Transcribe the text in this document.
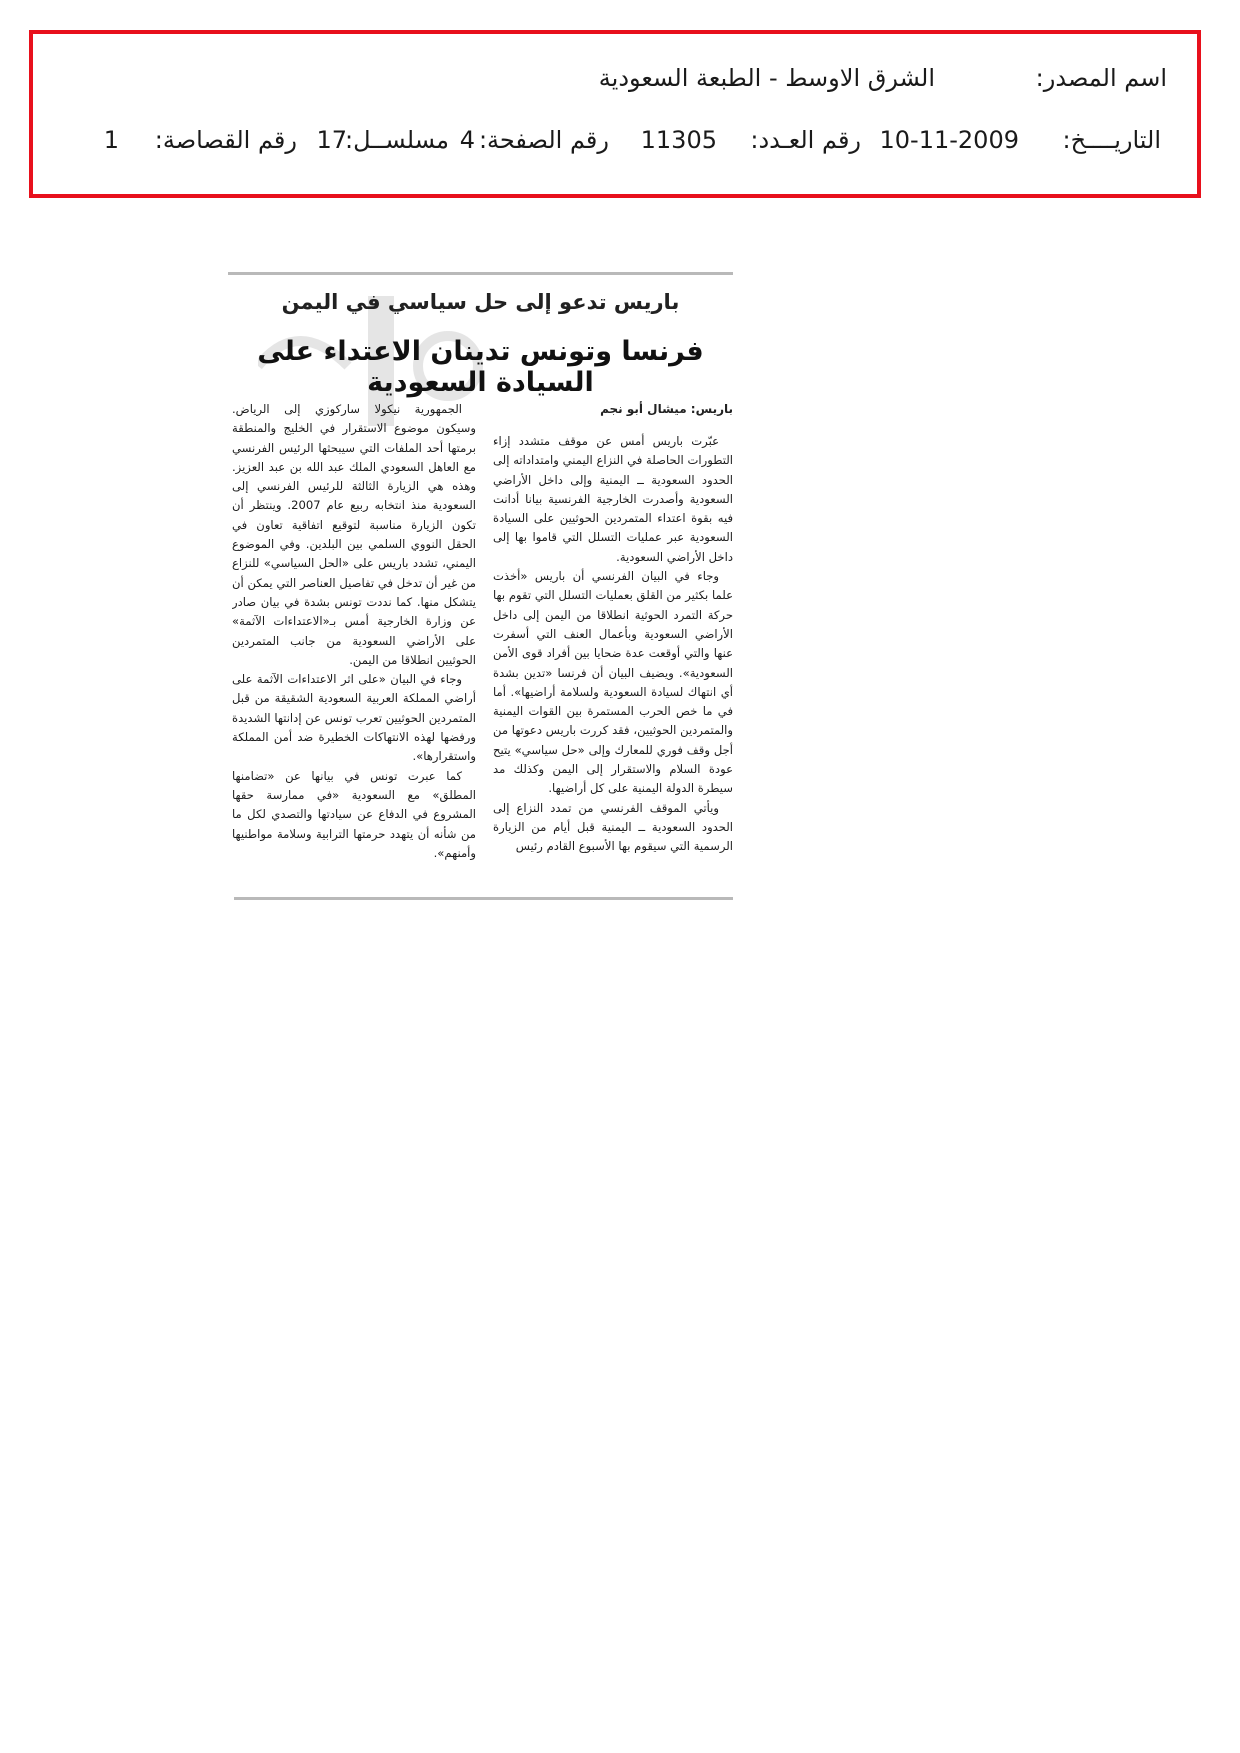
اسم المصدر:
الشرق الاوسط - الطبعة السعودية
التاريــــخ:
10-11-2009
رقم العـدد:
11305
رقم الصفحة:
4
مسلســل:
17
رقم القصاصة:
1
باريس تدعو إلى حل سياسي في اليمن
فرنسا وتونس تدينان الاعتداء على السيادة السعودية
باريس: ميشال أبو نجم

عبّرت باريس أمس عن موقف متشدد إزاء التطورات الحاصلة في النزاع اليمني وامتداداته إلى الحدود السعودية ــ اليمنية وإلى داخل الأراضي السعودية وأصدرت الخارجية الفرنسية بيانا أدانت فيه بقوة اعتداء المتمردين الحوثيين على السيادة السعودية عبر عمليات التسلل التي قاموا بها إلى داخل الأراضي السعودية.

وجاء في البيان الفرنسي أن باريس «أخذت علما بكثير من القلق بعمليات التسلل التي تقوم بها حركة التمرد الحوثية انطلاقا من اليمن إلى داخل الأراضي السعودية وبأعمال العنف التي أسفرت عنها والتي أوقعت عدة ضحايا بين أفراد قوى الأمن السعودية». ويضيف البيان أن فرنسا «تدين بشدة أي انتهاك لسيادة السعودية ولسلامة أراضيها». أما في ما خص الحرب المستمرة بين القوات اليمنية والمتمردين الحوثيين، فقد كررت باريس دعوتها من أجل وقف فوري للمعارك وإلى «حل سياسي» يتيح عودة السلام والاستقرار إلى اليمن وكذلك مد سيطرة الدولة اليمنية على كل أراضيها.

ويأتي الموقف الفرنسي من تمدد النزاع إلى الحدود السعودية ــ اليمنية قبل أيام من الزيارة الرسمية التي سيقوم بها الأسبوع القادم رئيس

الجمهورية نيكولا ساركوزي إلى الرياض. وسيكون موضوع الاستقرار في الخليج والمنطقة برمتها أحد الملفات التي سيبحثها الرئيس الفرنسي مع العاهل السعودي الملك عبد الله بن عبد العزيز. وهذه هي الزيارة الثالثة للرئيس الفرنسي إلى السعودية منذ انتخابه ربيع عام 2007. وينتظر أن تكون الزيارة مناسبة لتوقيع اتفاقية تعاون في الحقل النووي السلمي بين البلدين. وفي الموضوع اليمني، تشدد باريس على «الحل السياسي» للنزاع من غير أن تدخل في تفاصيل العناصر التي يمكن أن يتشكل منها. كما نددت تونس بشدة في بيان صادر عن وزارة الخارجية أمس بـ«الاعتداءات الآثمة» على الأراضي السعودية من جانب المتمردين الحوثيين انطلاقا من اليمن.

وجاء في البيان «على اثر الاعتداءات الآثمة على أراضي المملكة العربية السعودية الشقيقة من قبل المتمردين الحوثيين تعرب تونس عن إدانتها الشديدة ورفضها لهذه الانتهاكات الخطيرة ضد أمن المملكة واستقرارها».

كما عبرت تونس في بيانها عن «تضامنها المطلق» مع السعودية «في ممارسة حقها المشروع في الدفاع عن سيادتها والتصدي لكل ما من شأنه أن يتهدد حرمتها الترابية وسلامة مواطنيها وأمنهم».
